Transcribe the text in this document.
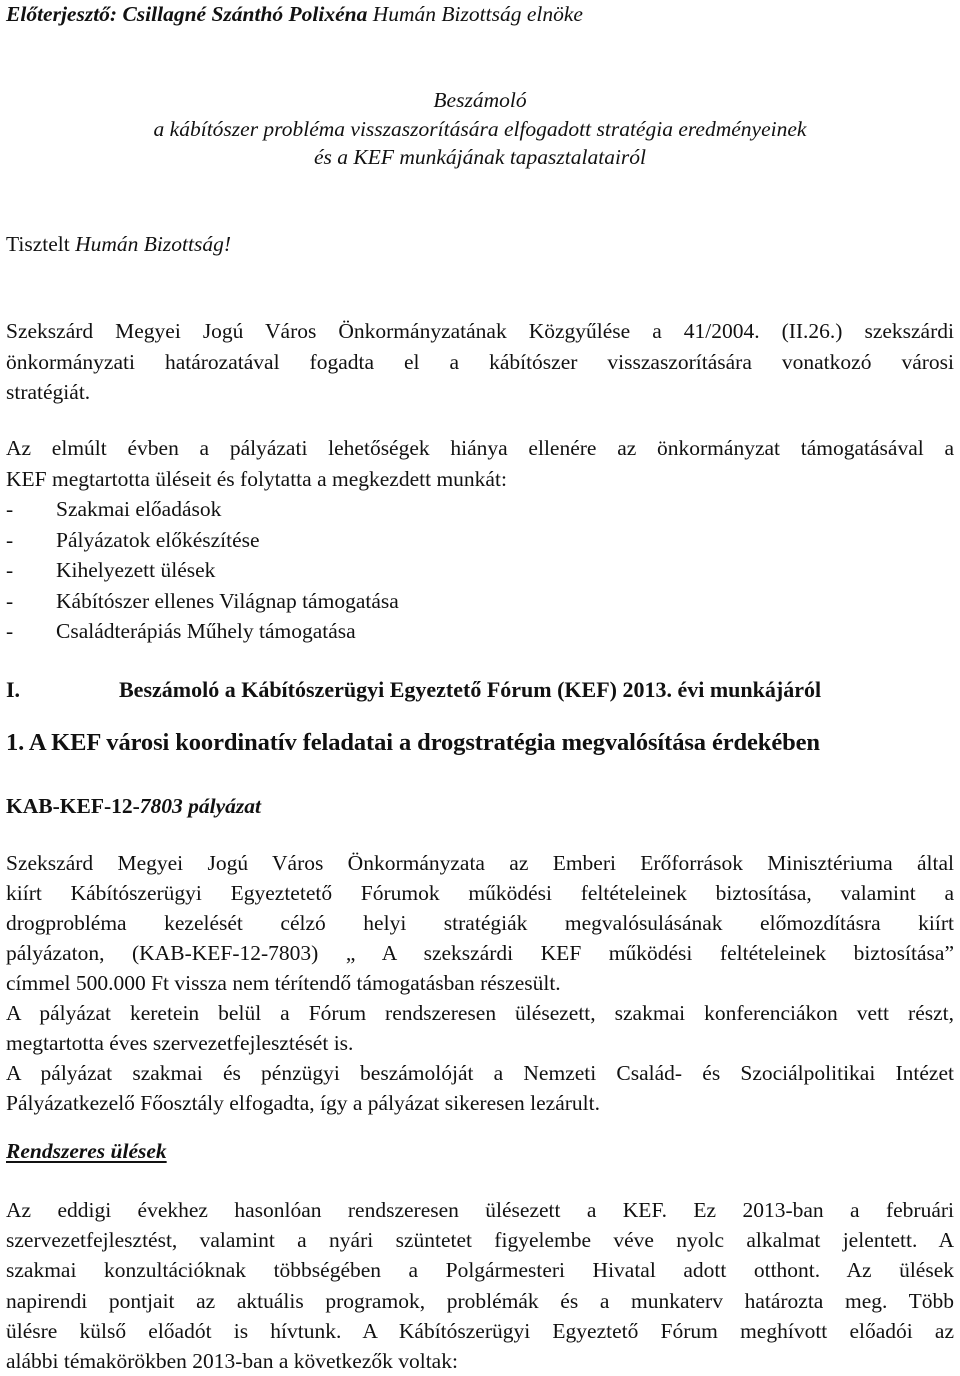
Előterjesztő: Csillagné Szánthó Polixéna Humán Bizottság elnöke
Beszámoló
a kábítószer probléma visszaszorítására elfogadott stratégia eredményeinek
és a KEF munkájának tapasztalatairól
Tisztelt Humán Bizottság!
Szekszárd Megyei Jogú Város Önkormányzatának Közgyűlése a 41/2004. (II.26.) szekszárdi
önkormányzati határozatával fogadta el a kábítószer visszaszorítására vonatkozó városi
stratégiát.
Az elmúlt évben a pályázati lehetőségek hiánya ellenére az önkormányzat támogatásával a
KEF megtartotta üléseit és folytatta a megkezdett munkát:
-	Szakmai előadások
-	Pályázatok előkészítése
-	Kihelyezett ülések
-	Kábítószer ellenes Világnap támogatása
-	Családterápiás Műhely támogatása
I.	Beszámoló a Kábítószerügyi Egyeztető Fórum (KEF) 2013. évi munkájáról
1. A KEF városi koordinatív feladatai a drogstratégia megvalósítása érdekében
KAB-KEF-12-7803 pályázat
Szekszárd Megyei Jogú Város Önkormányzata az Emberi Erőforrások Minisztériuma által
kiírt Kábítószerügyi Egyeztetető Fórumok működési feltételeinek biztosítása, valamint a
drogprobléma kezelését célzó helyi stratégiák megvalósulásának előmozdításra kiírt
pályázaton, (KAB-KEF-12-7803) „ A szekszárdi KEF működési feltételeinek biztosítása”
címmel 500.000 Ft vissza nem térítendő támogatásban részesült.
A pályázat keretein belül a Fórum rendszeresen ülésezett, szakmai konferenciákon vett részt,
megtartotta éves szervezetfejlesztését is.
A pályázat szakmai és pénzügyi beszámolóját a Nemzeti Család- és Szociálpolitikai Intézet
Pályázatkezelő Főosztály elfogadta, így a pályázat sikeresen lezárult.
Rendszeres ülések
Az eddigi évekhez hasonlóan rendszeresen ülésezett a KEF. Ez 2013-ban a februári
szervezetfejlesztést, valamint a nyári szüntetet figyelembe véve nyolc alkalmat jelentett. A
szakmai konzultációknak többségében a Polgármesteri Hivatal adott otthont. Az ülések
napirendi pontjait az aktuális programok, problémák és a munkaterv határozta meg. Több
ülésre külső előadót is hívtunk. A Kábítószerügyi Egyeztető Fórum meghívott előadói az
alábbi témakörökben 2013-ban a következők voltak:
